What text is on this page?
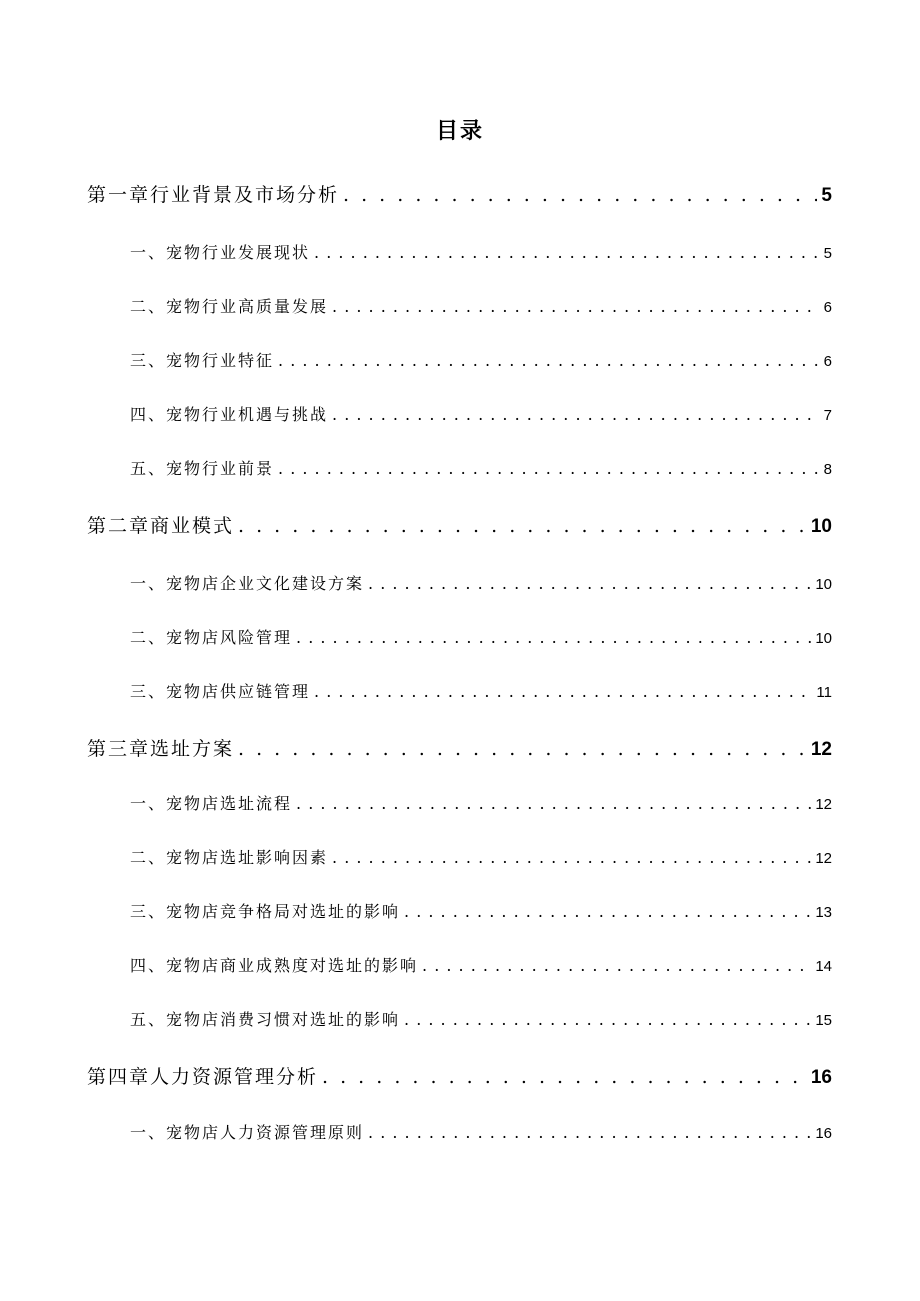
目录
第一章行业背景及市场分析 . . .	5
一、宠物行业发展现状 . . .	5
二、宠物行业高质量发展 . . .	6
三、宠物行业特征 . . .	6
四、宠物行业机遇与挑战 . . .	7
五、宠物行业前景 . . .	8
第二章商业模式 . . .	10
一、宠物店企业文化建设方案 . . .	10
二、宠物店风险管理 . . .	10
三、宠物店供应链管理 . . .	11
第三章选址方案 . . .	12
一、宠物店选址流程 . . .	12
二、宠物店选址影响因素 . . .	12
三、宠物店竞争格局对选址的影响 . . .	13
四、宠物店商业成熟度对选址的影响 . . .	14
五、宠物店消费习惯对选址的影响 . . .	15
第四章人力资源管理分析 . . .	16
一、宠物店人力资源管理原则 . . .	16
